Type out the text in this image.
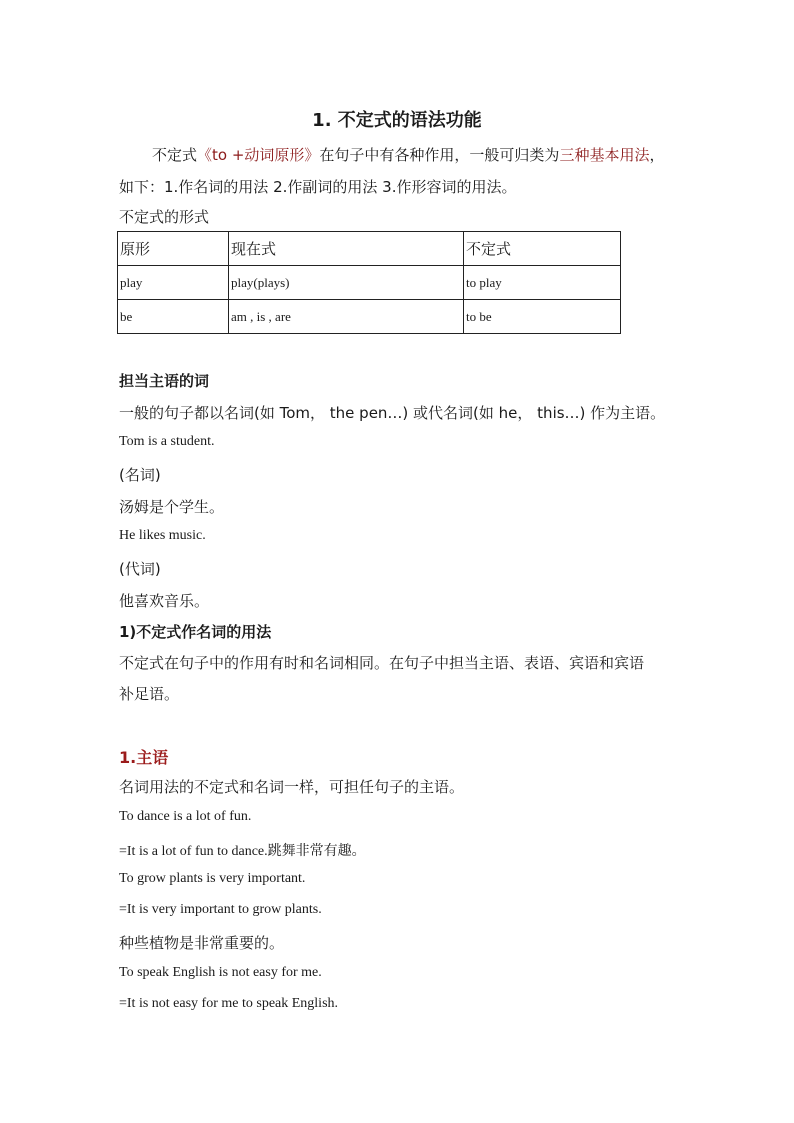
1. 不定式的语法功能
不定式《to +动词原形》在句子中有各种作用，一般可归类为三种基本用法，
如下：1.作名词的用法 2.作副词的用法 3.作形容词的用法。
不定式的形式
原形	现在式	不定式
play	play(plays)	to play
be	am , is , are	to be
担当主语的词
一般的句子都以名词(如 Tom， the pen…) 或代名词(如 he， this…) 作为主语。
Tom is a student.
(名词)
汤姆是个学生。
He likes music.
(代词)
他喜欢音乐。
1)不定式作名词的用法
不定式在句子中的作用有时和名词相同。在句子中担当主语、表语、宾语和宾语
补足语。
1.主语
名词用法的不定式和名词一样，可担任句子的主语。
To dance is a lot of fun.
=It is a lot of fun to dance.跳舞非常有趣。
To grow plants is very important.
=It is very important to grow plants.
种些植物是非常重要的。
To speak English is not easy for me.
=It is not easy for me to speak English.
